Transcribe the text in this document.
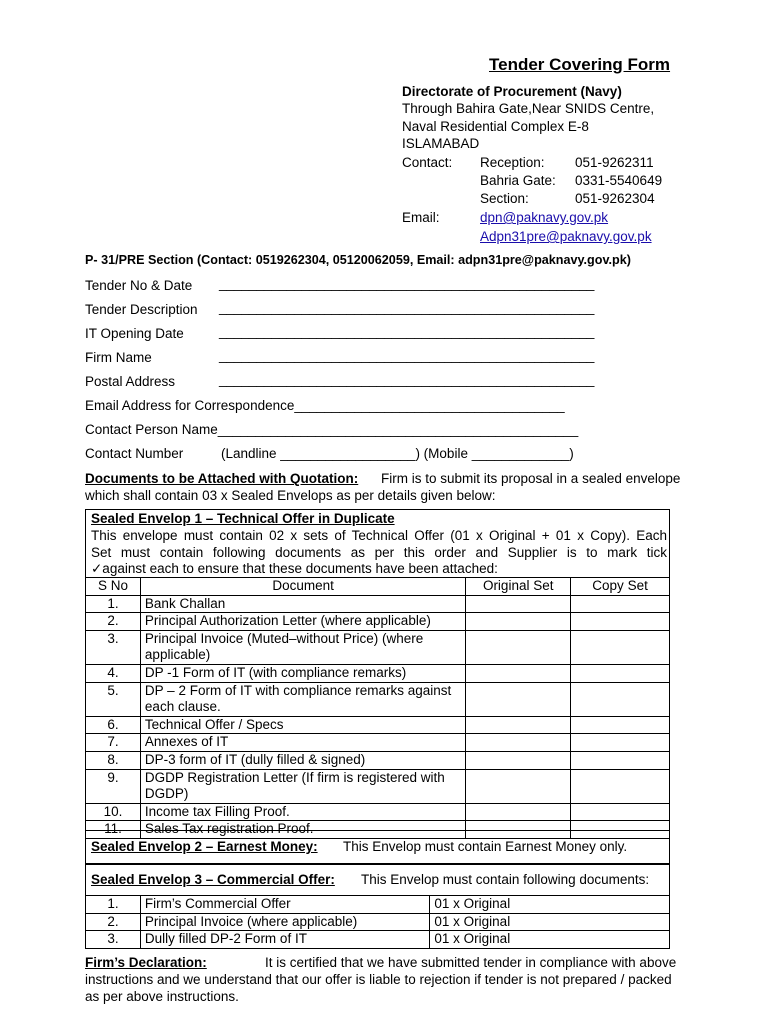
Tender Covering Form
Directorate of Procurement (Navy)
Through Bahira Gate,Near SNIDS Centre,
Naval Residential Complex E-8
ISLAMABAD
Contact: Reception: 051-9262311
Bahria Gate: 0331-5540649
Section:	051-9262304
Email:	dpn@paknavy.gov.pk
Adpn31pre@paknavy.gov.pk
P- 31/PRE Section (Contact: 0519262304, 05120062059, Email: adpn31pre@paknavy.gov.pk)
Tender No & Date __________________________________________________
Tender Description __________________________________________________
IT Opening Date	__________________________________________________
Firm Name	__________________________________________________
Postal Address	__________________________________________________
Email Address for Correspondence____________________________________
Contact Person Name________________________________________________
Contact Number	(Landline __________________) (Mobile _____________)
Documents to be Attached with Quotation: Firm is to submit its proposal in a sealed envelope
which shall contain 03 x Sealed Envelops as per details given below:
Sealed Envelop 1 – Technical Offer in Duplicate
This envelope must contain 02 x sets of Technical Offer (01 x Original + 01 x Copy). Each
Set must contain following documents as per this order and Supplier is to mark tick
✓against each to ensure that these documents have been attached:
S No	Document	Original Set	Copy Set
1.	Bank Challan		
2.	Principal Authorization Letter (where applicable)		
3.	Principal Invoice (Muted–without Price) (where applicable)		
4.	DP -1 Form of IT (with compliance remarks)		
5.	DP – 2 Form of IT with compliance remarks against each clause.		
6.	Technical Offer / Specs		
7.	Annexes of IT		
8.	DP-3 form of IT (dully filled & signed)		
9.	DGDP Registration Letter (If firm is registered with DGDP)		
10.	Income tax Filling Proof.		
11.	Sales Tax registration Proof.		
Sealed Envelop 2 – Earnest Money: This Envelop must contain Earnest Money only.
Sealed Envelop 3 – Commercial Offer: This Envelop must contain following documents:
1.	Firm’s Commercial Offer	01 x Original
2.	Principal Invoice (where applicable)	01 x Original
3.	Dully filled DP-2 Form of IT	01 x Original
Firm’s Declaration:	It is certified that we have submitted tender in compliance with above
instructions and we understand that our offer is liable to rejection if tender is not prepared / packed
as per above instructions.
